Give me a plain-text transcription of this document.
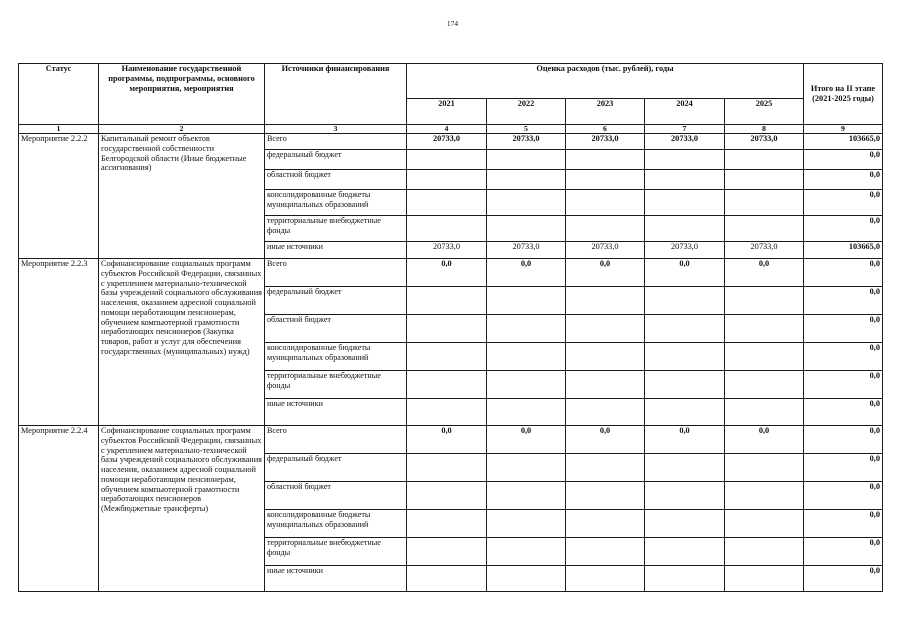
174
Статус	Наименование государственной программы, подпрограммы, основного мероприятия, мероприятия	Источники финансирования	Оценка расходов (тыс. рублей), годы					Итого на II этапе (2021-2025 годы)
			2021	2022	2023	2024	2025	
1	2	3	4	5	6	7	8	9
Мероприятие 2.2.2	Капитальный ремонт объектов государственной собственности Белгородской области (Иные бюджетные ассигнования)	Всего	20733,0	20733,0	20733,0	20733,0	20733,0	103665,0
		федеральный бюджет						0,0
		областной бюджет						0,0
		консолидированные бюджеты муниципальных образований						0,0
		территориальные внебюджетные фонды						0,0
		иные источники	20733,0	20733,0	20733,0	20733,0	20733,0	103665,0
Мероприятие 2.2.3	Софинансирование социальных программ субъектов Российской Федерации, связанных с укреплением материально-технической базы учреждений социального обслуживания населения, оказанием адресной социальной помощи неработающим пенсионерам, обучением компьютерной грамотности неработающих пенсионеров (Закупка товаров, работ и услуг для обеспечения государственных (муниципальных) нужд)	Всего	0,0	0,0	0,0	0,0	0,0	0,0
		федеральный бюджет						0,0
		областной бюджет						0,0
		консолидированные бюджеты муниципальных образований						0,0
		территориальные внебюджетные фонды						0,0
		иные источники						0,0
Мероприятие 2.2.4	Софинансирование социальных программ субъектов Российской Федерации, связанных с укреплением материально-технической базы учреждений социального обслуживания населения, оказанием адресной социальной помощи неработающим пенсионерам, обучением компьютерной грамотности неработающих пенсионеров (Межбюджетные трансферты)	Всего	0,0	0,0	0,0	0,0	0,0	0,0
		федеральный бюджет						0,0
		областной бюджет						0,0
		консолидированные бюджеты муниципальных образований						0,0
		территориальные внебюджетные фонды						0,0
		иные источники						0,0
